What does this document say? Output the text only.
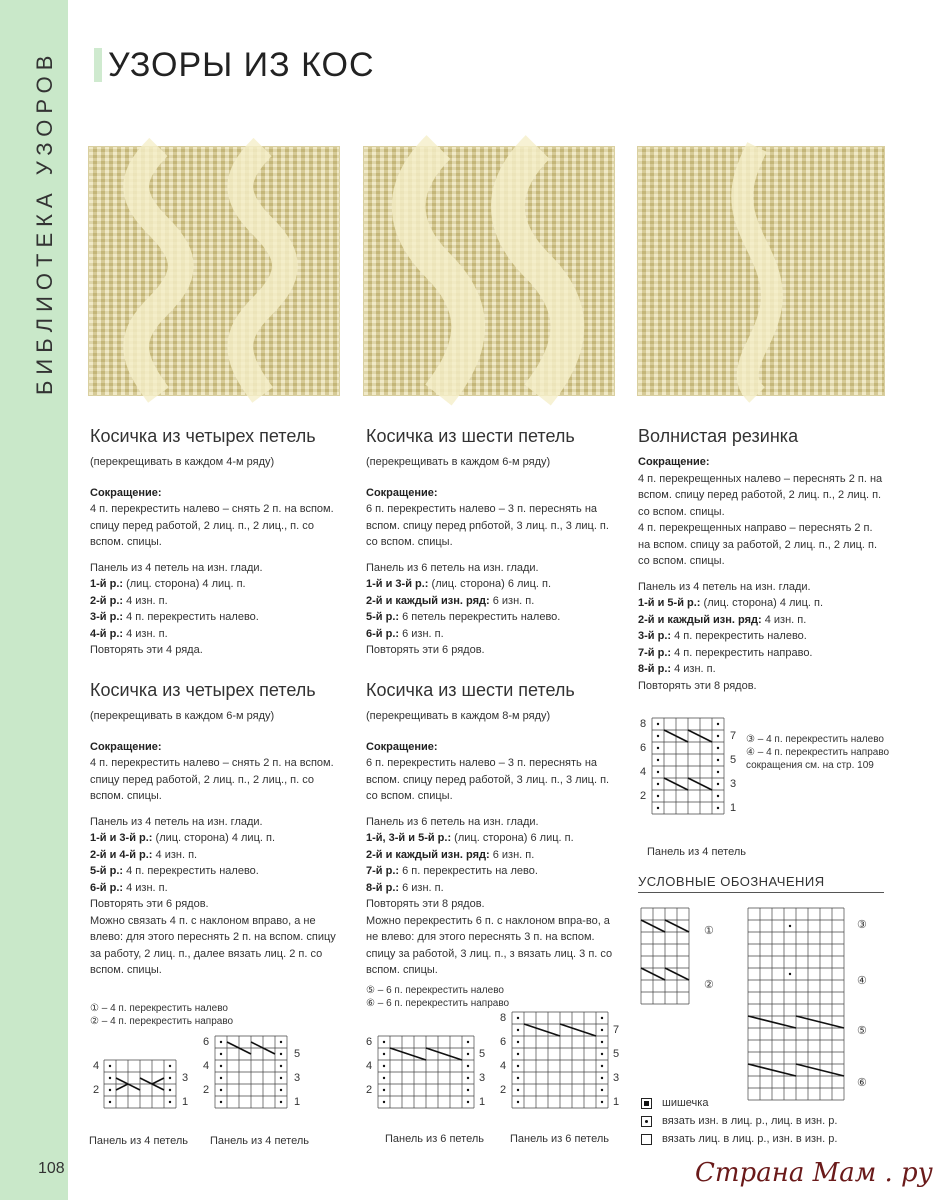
БИБЛИОТЕКА УЗОРОВ
108
УЗОРЫ ИЗ КОС
Косичка из четырех петель
(перекрещивать в каждом 4-м ряду)
Сокращение:
4 п. перекрестить налево – снять 2 п. на вспом. спицу перед работой, 2 лиц. п., 2 лиц., п. со вспом. спицы.
Панель из 4 петель на изн. глади.
1-й р.: (лиц. сторона) 4 лиц. п.
2-й р.: 4 изн. п.
3-й р.: 4 п. перекрестить налево.
4-й р.: 4 изн. п.
Повторять эти 4 ряда.
Косичка из четырех петель
(перекрещивать в каждом 6-м ряду)
Сокращение:
4 п. перекрестить налево – снять 2 п. на вспом. спицу перед работой, 2 лиц. п., 2 лиц., п. со вспом. спицы.
Панель из 4 петель на изн. глади.
1-й и 3-й р.: (лиц. сторона) 4 лиц. п.
2-й и 4-й р.: 4 изн. п.
5-й р.: 4 п. перекрестить налево.
6-й р.: 4 изн. п.
Повторять эти 6 рядов.
Можно связать 4 п. с наклоном вправо, а не влево: для этого переснять 2 п. на вспом. спицу за работу, 2 лиц. п., далее вязать лиц. 2 п. со вспом. спицы.
① – 4 п. перекрестить налево
② – 4 п. перекрестить направо
Косичка из шести петель
(перекрещивать в каждом 6-м ряду)
Сокращение:
6 п. перекрестить налево – 3 п. переснять на вспом. спицу перед рпботой, 3 лиц. п., 3 лиц. п. со вспом. спицы.
Панель из 6 петель на изн. глади.
1-й и 3-й р.: (лиц. сторона) 6 лиц. п.
2-й и каждый изн. ряд: 6 изн. п.
5-й р.: 6 петель перекрестить налево.
6-й р.: 6 изн. п.
Повторять эти 6 рядов.
Косичка из шести петель
(перекрещивать в каждом 8-м ряду)
Сокращение:
6 п. перекрестить налево – 3 п. переснять на вспом. спицу перед работой, 3 лиц. п., 3 лиц. п. со вспом. спицы.
Панель из 6 петель на изн. глади.
1-й, 3-й и 5-й р.: (лиц. сторона) 6 лиц. п.
2-й и каждый изн. ряд: 6 изн. п.
7-й р.: 6 п. перекрестить на лево.
8-й р.: 6 изн. п.
Повторять эти 8 рядов.
Можно перекрестить 6 п. с наклоном впра-во, а не влево: для этого переснять 3 п. на вспом. спицу за работой, 3 лиц. п., з вязать лиц. 3 п. со вспом. спицы.
⑤ – 6 п. перекрестить налево
⑥ – 6 п. перекрестить направо
Волнистая резинка
Сокращение:
4 п. перекрещенных налево – переснять 2 п. на вспом. спицу перед работой, 2 лиц. п., 2 лиц. п. со вспом. спицы.
4 п. перекрещенных направо – переснять 2 п. на вспом. спицу за работой, 2 лиц. п., 2 лиц. п. со вспом. спицы.
Панель из 4 петель на изн. глади.
1-й и 5-й р.: (лиц. сторона) 4 лиц. п.
2-й и каждый изн. ряд: 4 изн. п.
3-й р.: 4 п. перекрестить налево.
7-й р.: 4 п. перекрестить направо.
8-й р.: 4 изн. п.
Повторять эти 8 рядов.
③ – 4 п. перекрестить налево
④ – 4 п. перекрестить направо
сокращения см. на стр. 109
4
2
3
1
6
4
2
5
3
1
6
4
2
5
3
1
8
6
4
2
7
5
3
1
8
6
4
2
7
5
3
1
Панель из 4 петель Панель из 4 петель	Панель из 6 петель Панель из 6 петель
Панель из 4 петель
УСЛОВНЫЕ ОБОЗНАЧЕНИЯ
①
②
③
④
⑤
⑥
шишечка
вязать изн. в лиц. р., лиц. в изн. р.
вязать лиц. в лиц. р., изн. в изн. р.
Страна Мам . ру
